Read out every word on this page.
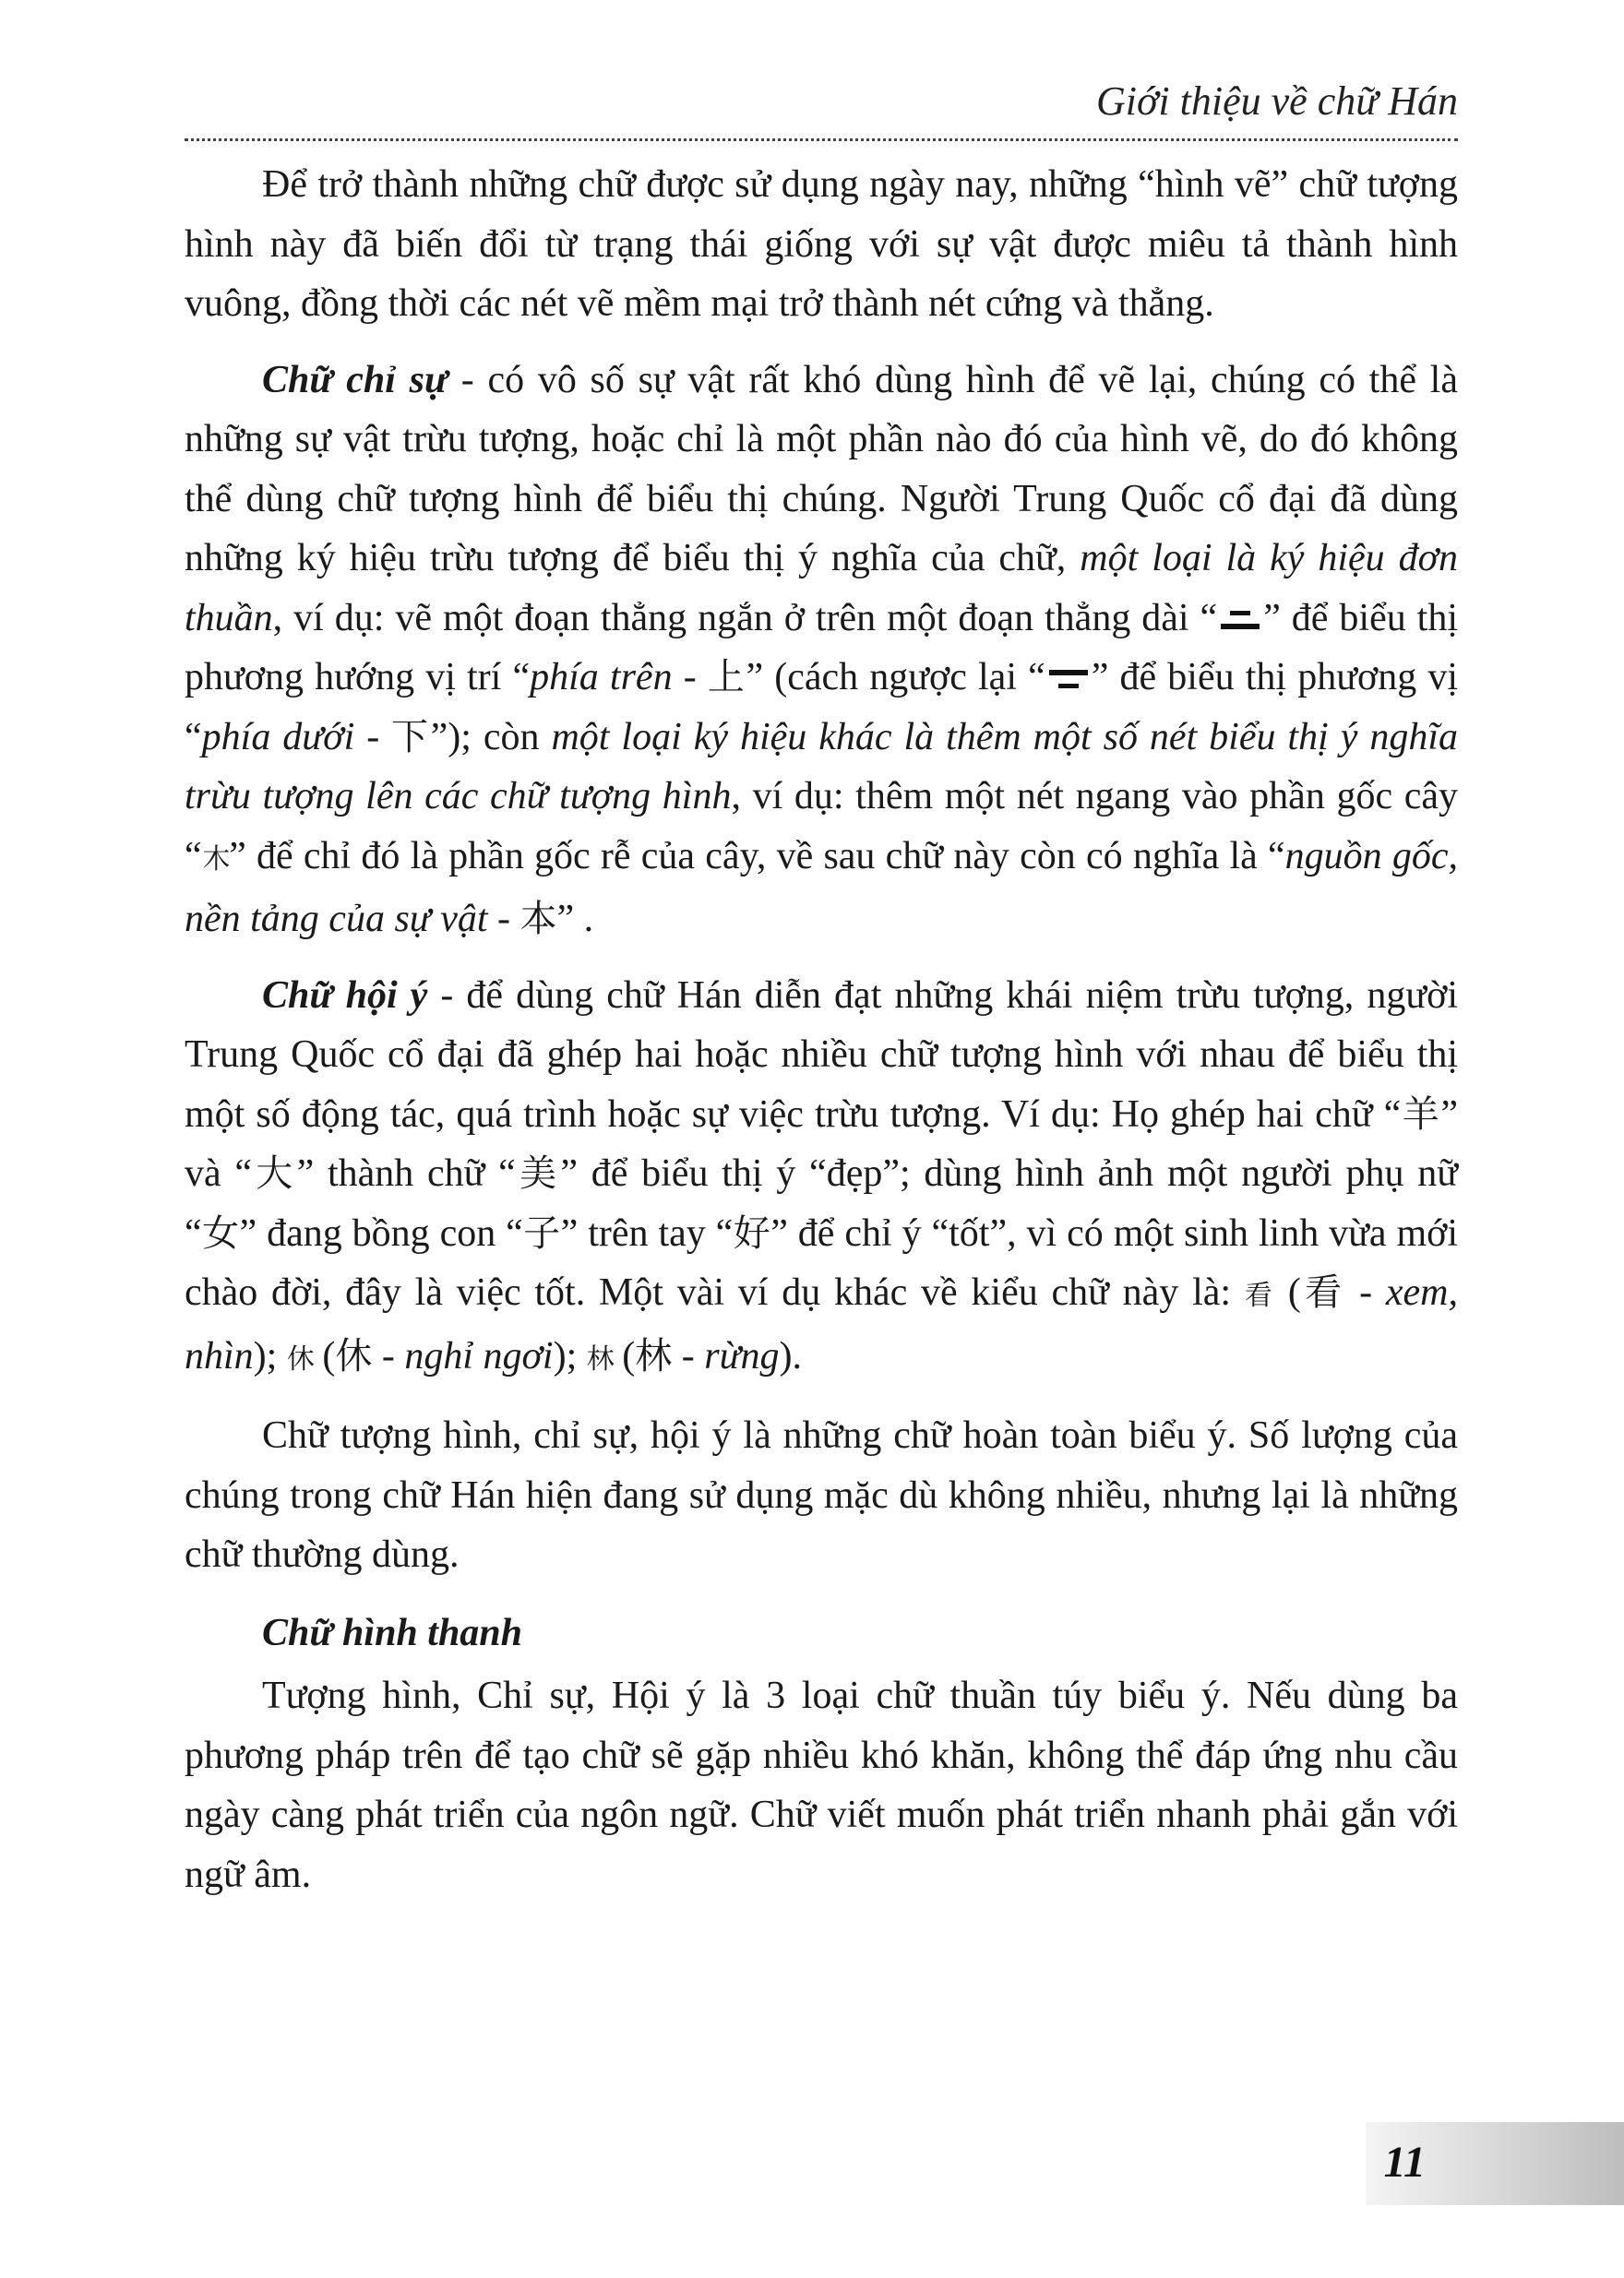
Giới thiệu về chữ Hán

Để trở thành những chữ được sử dụng ngày nay, những “hình vẽ” chữ tượng hình này đã biến đổi từ trạng thái giống với sự vật được miêu tả thành hình vuông, đồng thời các nét vẽ mềm mại trở thành nét cứng và thẳng.

Chữ chỉ sự - có vô số sự vật rất khó dùng hình để vẽ lại, chúng có thể là những sự vật trừu tượng, hoặc chỉ là một phần nào đó của hình vẽ, do đó không thể dùng chữ tượng hình để biểu thị chúng. Người Trung Quốc cổ đại đã dùng những ký hiệu trừu tượng để biểu thị ý nghĩa của chữ, một loại là ký hiệu đơn thuần, ví dụ: vẽ một đoạn thẳng ngắn ở trên một đoạn thẳng dài “ ” để biểu thị phương hướng vị trí “phía trên - 上” (cách ngược lại “ ” để biểu thị phương vị “phía dưới - 下”); còn một loại ký hiệu khác là thêm một số nét biểu thị ý nghĩa trừu tượng lên các chữ tượng hình, ví dụ: thêm một nét ngang vào phần gốc cây “木” để chỉ đó là phần gốc rễ của cây, về sau chữ này còn có nghĩa là “nguồn gốc, nền tảng của sự vật - 本” .

Chữ hội ý - để dùng chữ Hán diễn đạt những khái niệm trừu tượng, người Trung Quốc cổ đại đã ghép hai hoặc nhiều chữ tượng hình với nhau để biểu thị một số động tác, quá trình hoặc sự việc trừu tượng. Ví dụ: Họ ghép hai chữ “羊” và “大” thành chữ “美” để biểu thị ý “đẹp”; dùng hình ảnh một người phụ nữ “女” đang bồng con “子” trên tay “好” để chỉ ý “tốt”, vì có một sinh linh vừa mới chào đời, đây là việc tốt. Một vài ví dụ khác về kiểu chữ này là: 看 (看 - xem, nhìn); 休 (休 - nghỉ ngơi); 林 (林 - rừng).

Chữ tượng hình, chỉ sự, hội ý là những chữ hoàn toàn biểu ý. Số lượng của chúng trong chữ Hán hiện đang sử dụng mặc dù không nhiều, nhưng lại là những chữ thường dùng.

Chữ hình thanh

Tượng hình, Chỉ sự, Hội ý là 3 loại chữ thuần túy biểu ý. Nếu dùng ba phương pháp trên để tạo chữ sẽ gặp nhiều khó khăn, không thể đáp ứng nhu cầu ngày càng phát triển của ngôn ngữ. Chữ viết muốn phát triển nhanh phải gắn với ngữ âm.

11
